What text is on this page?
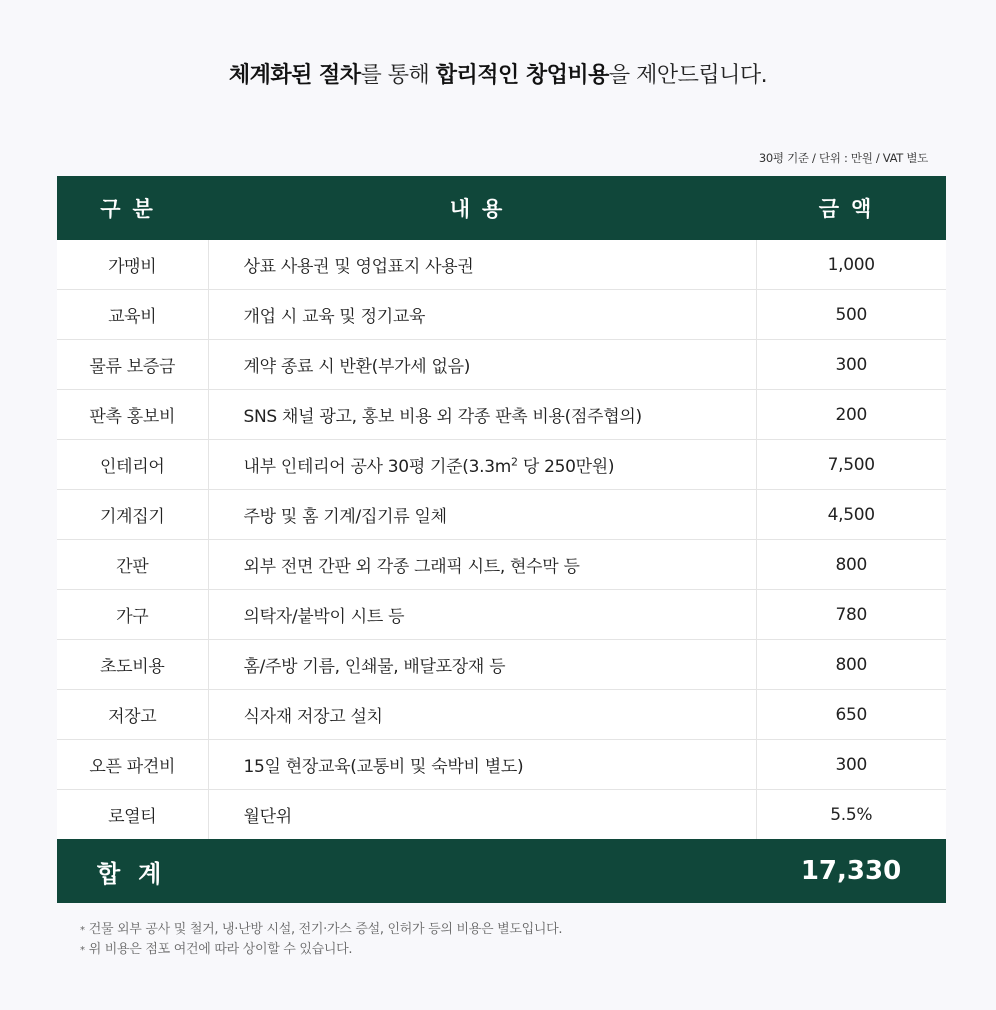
체계화된 절차를 통해 합리적인 창업비용을 제안드립니다.
30평 기준 / 단위 : 만원 / VAT 별도
구분	내용	금액
가맹비	상표 사용권 및 영업표지 사용권	1,000
교육비	개업 시 교육 및 정기교육	500
물류 보증금	계약 종료 시 반환(부가세 없음)	300
판촉 홍보비	SNS 채널 광고, 홍보 비용 외 각종 판촉 비용(점주협의)	200
인테리어	내부 인테리어 공사 30평 기준($3.3m^2$ 당 250만원)	7,500
기계집기	주방 및 홈 기계/집기류 일체	4,500
간판	외부 전면 간판 외 각종 그래픽 시트, 현수막 등	800
가구	의탁자/붙박이 시트 등	780
초도비용	홈/주방 기름, 인쇄물, 배달포장재 등	800
저장고	식자재 저장고 설치	650
오픈 파견비	15일 현장교육(교통비 및 숙박비 별도)	300
로열티	월단위	5.5%
합계		17,330
* 건물 외부 공사 및 철거, 냉·난방 시설, 전기·가스 증설, 인허가 등의 비용은 별도입니다.
* 위 비용은 점포 여건에 따라 상이할 수 있습니다.
